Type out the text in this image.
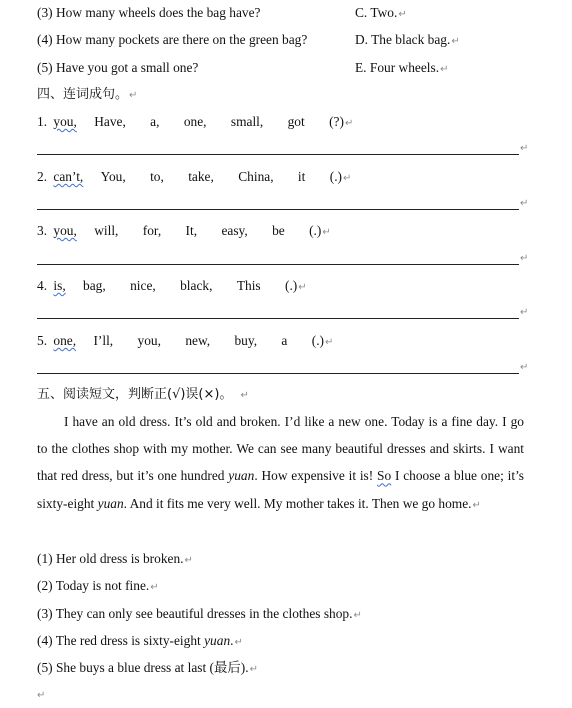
(3) How many wheels does the bag have?	C. Two.↵
(4) How many pockets are there on the green bag?	D. The black bag.↵
(5) Have you got a small one?	E. Four wheels.↵
四、连词成句。↵
1. you, Have, a, one, small, got (?)↵
↵
2. can’t, You, to, take, China, it (.)↵
↵
3. you, will, for, It, easy, be (.)↵
↵
4. is, bag, nice, black, This (.)↵
↵
5. one, I’ll, you, new, buy, a (.)↵
↵
五、阅读短文，判断正(√)误(×)。 ↵
I have an old dress. It’s old and broken. I’d like a new one. Today is a fine day. I go to the clothes shop with my mother. We can see many beautiful dresses and skirts. I want that red dress, but it’s one hundred yuan. How expensive it is! So I choose a blue one; it’s sixty-eight yuan. And it fits me very well. My mother takes it. Then we go home.↵
(1) Her old dress is broken.↵
(2) Today is not fine.↵
(3) They can only see beautiful dresses in the clothes shop.↵
(4) The red dress is sixty-eight yuan.↵
(5) She buys a blue dress at last (最后).↵
↵
